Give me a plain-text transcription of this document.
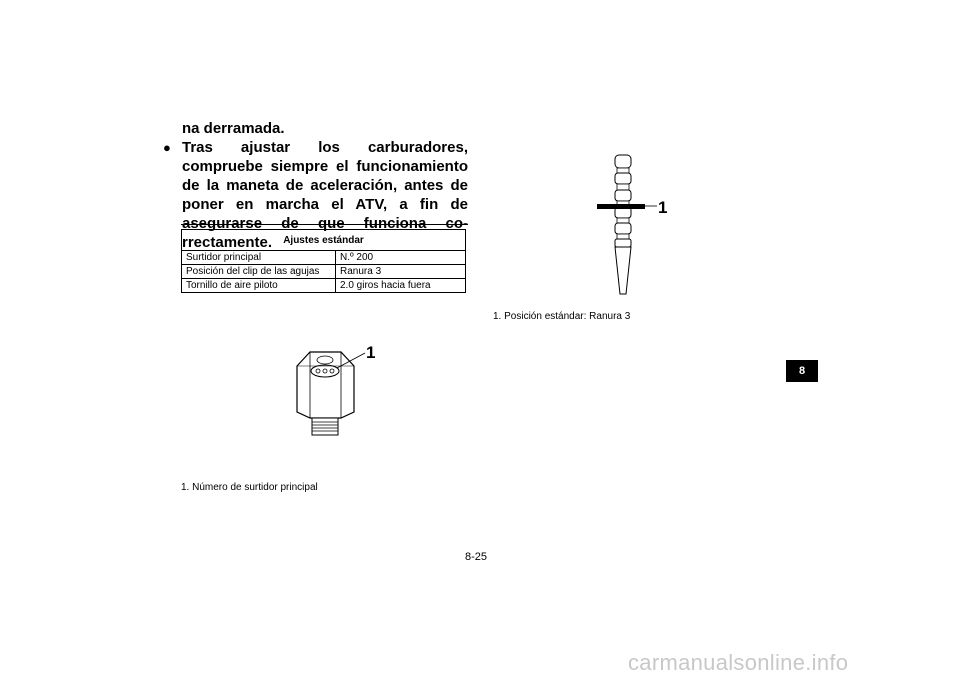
na derramada.

● Tras ajustar los carburadores, compruebe siempre el funcionamiento de la maneta de aceleración, antes de poner en marcha el ATV, a fin de asegurarse de que funciona co-rrectamente.	Ajustes estándar	
Surtidor principal	N.º 200
Posición del clip de las agujas	Ranura 3
Tornillo de aire piloto	2.0 giros hacia fuera
1
1. Número de surtidor principal
1
1. Posición estándar: Ranura 3
8
8-25
carmanualsonline.info
